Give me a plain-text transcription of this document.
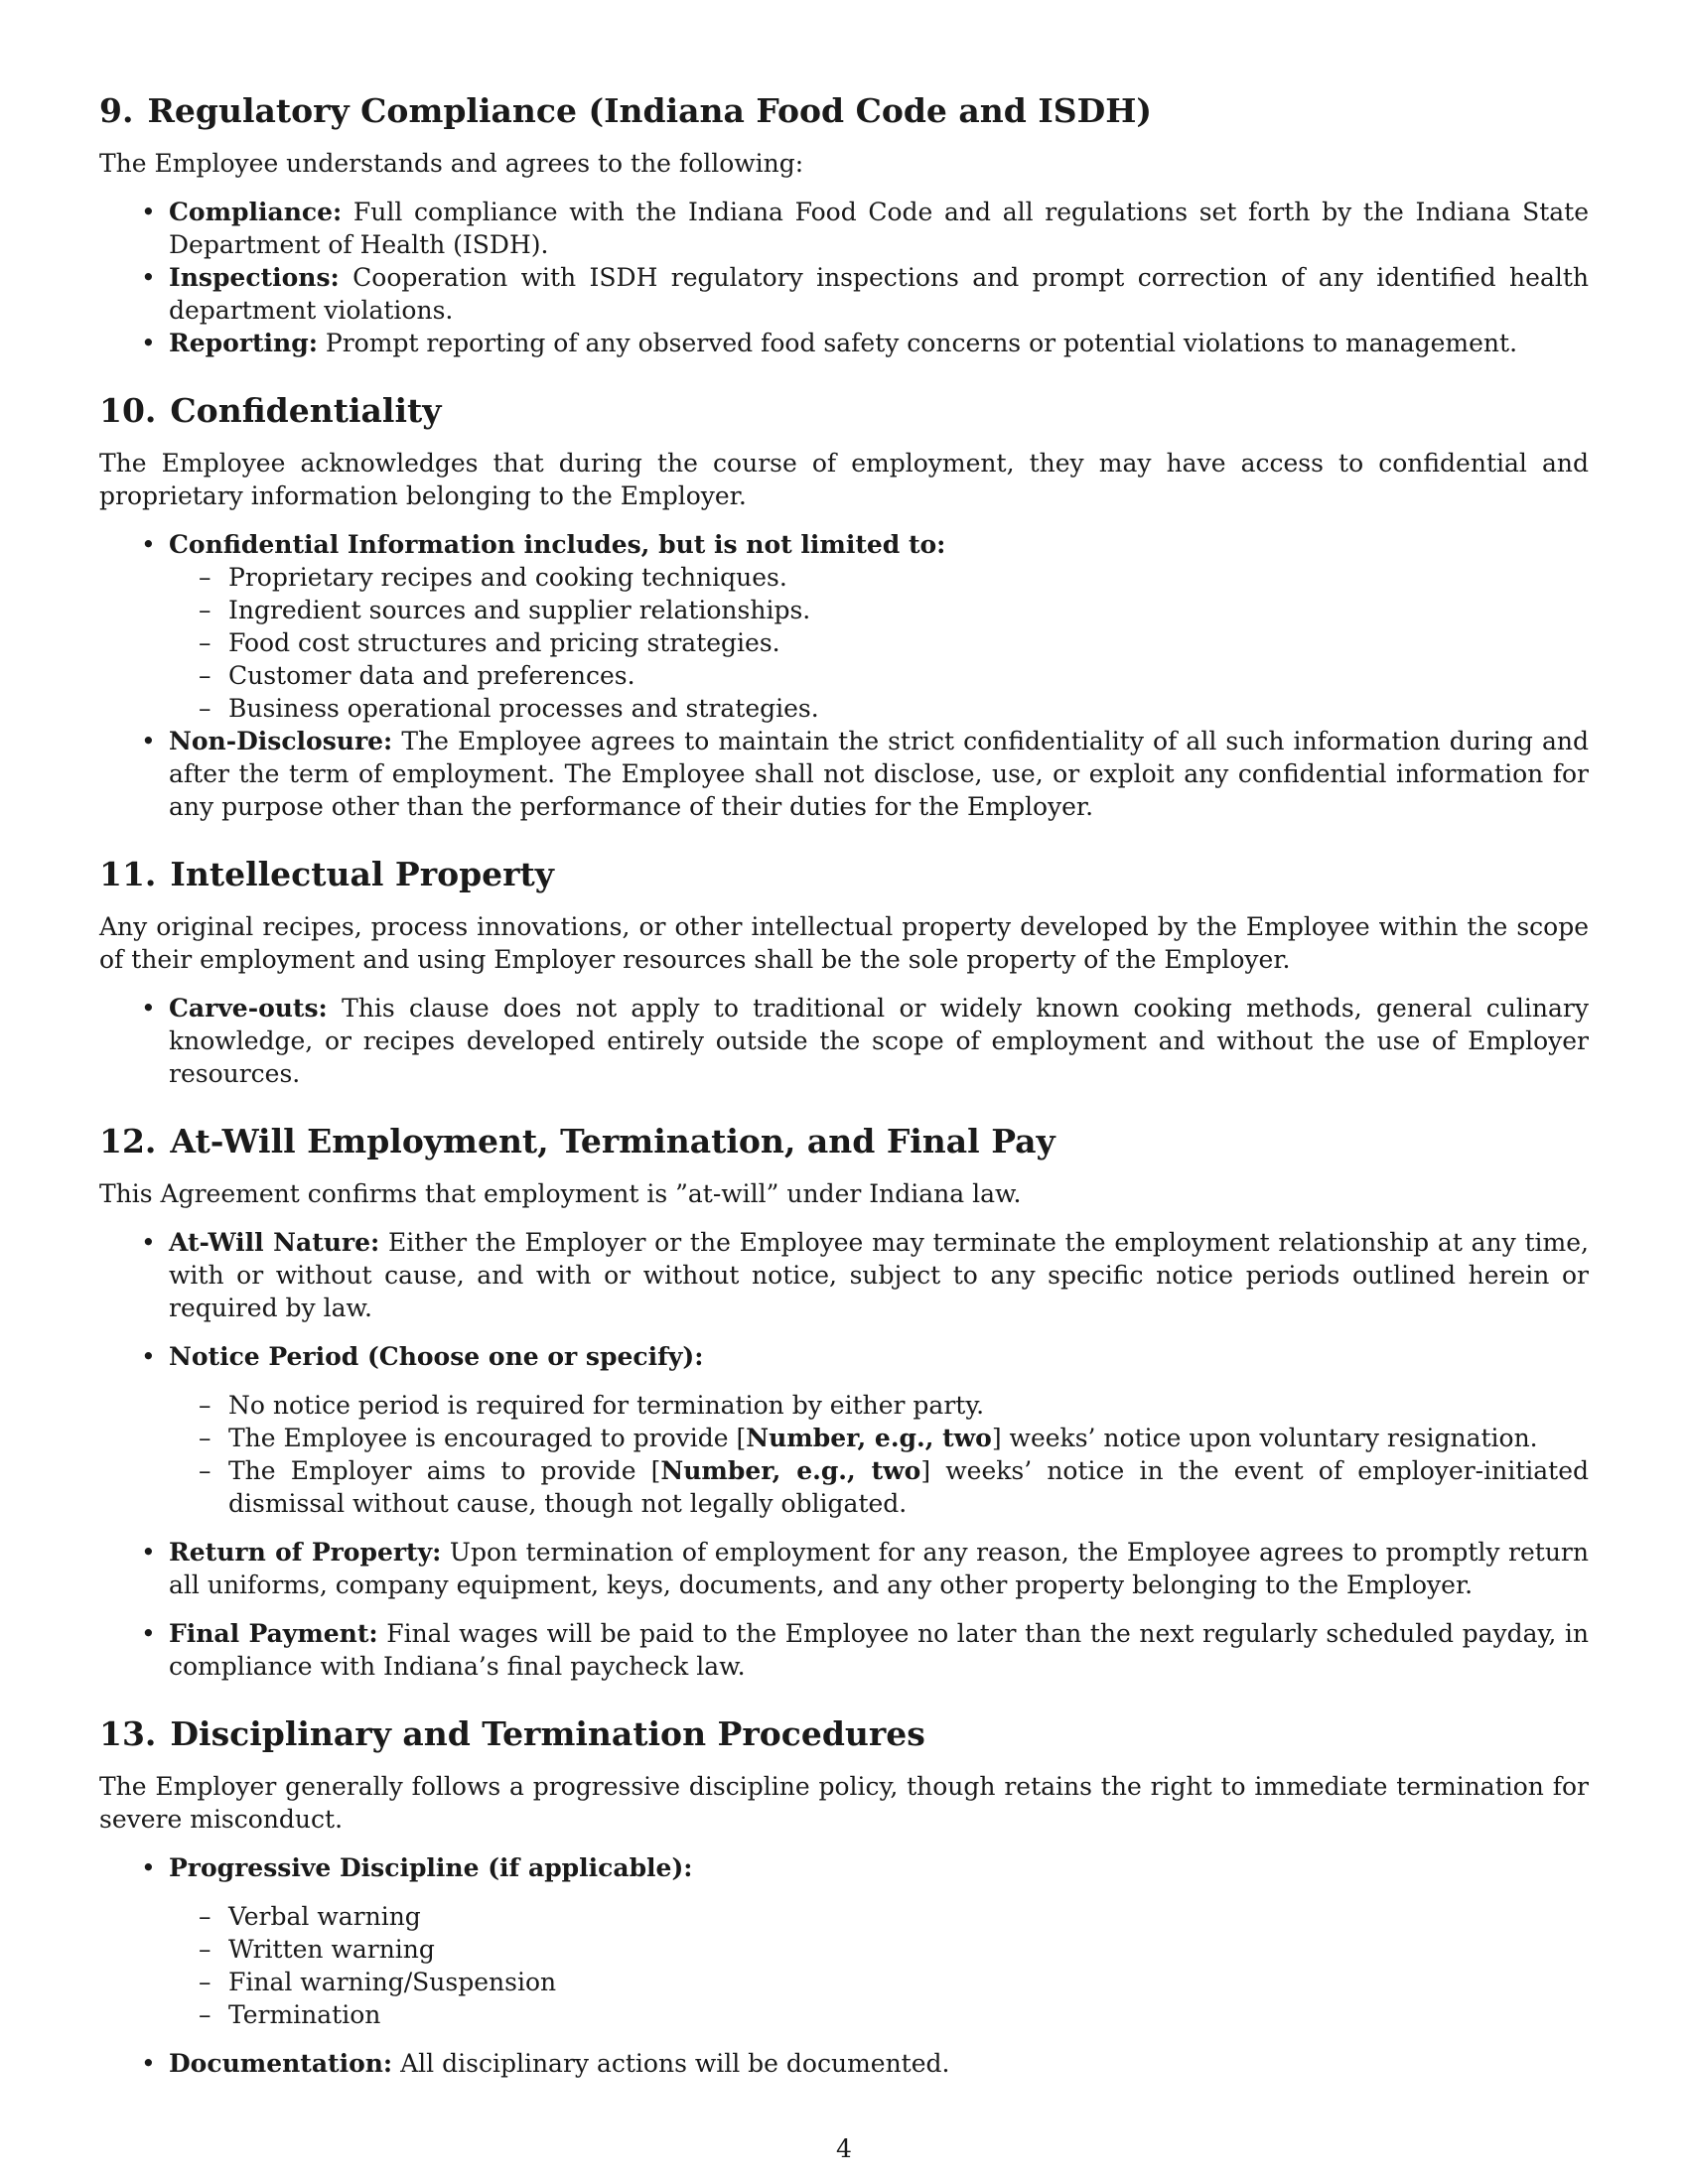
9. Regulatory Compliance (Indiana Food Code and ISDH)

The Employee understands and agrees to the following:

• Compliance: Full compliance with the Indiana Food Code and all regulations set forth by the Indiana State Department of Health (ISDH).
• Inspections: Cooperation with ISDH regulatory inspections and prompt correction of any identified health department violations.
• Reporting: Prompt reporting of any observed food safety concerns or potential violations to management.
10. Confidentiality

The Employee acknowledges that during the course of employment, they may have access to confidential and proprietary information belonging to the Employer.

• Confidential Information includes, but is not limited to:
– Proprietary recipes and cooking techniques.
– Ingredient sources and supplier relationships.
– Food cost structures and pricing strategies.
– Customer data and preferences.
– Business operational processes and strategies.
• Non-Disclosure: The Employee agrees to maintain the strict confidentiality of all such information during and after the term of employment. The Employee shall not disclose, use, or exploit any confidential information for any purpose other than the performance of their duties for the Employer.
11. Intellectual Property

Any original recipes, process innovations, or other intellectual property developed by the Employee within the scope of their employment and using Employer resources shall be the sole property of the Employer.

• Carve-outs: This clause does not apply to traditional or widely known cooking methods, general culinary knowledge, or recipes developed entirely outside the scope of employment and without the use of Employer resources.
12. At-Will Employment, Termination, and Final Pay

This Agreement confirms that employment is ”at-will” under Indiana law.

• At-Will Nature: Either the Employer or the Employee may terminate the employment relationship at any time, with or without cause, and with or without notice, subject to any specific notice periods outlined herein or required by law.
• Notice Period (Choose one or specify):
– No notice period is required for termination by either party.
– The Employee is encouraged to provide [Number, e.g., two] weeks’ notice upon voluntary resignation.
– The Employer aims to provide [Number, e.g., two] weeks’ notice in the event of employer-initiated dismissal without cause, though not legally obligated.
• Return of Property: Upon termination of employment for any reason, the Employee agrees to promptly return all uniforms, company equipment, keys, documents, and any other property belonging to the Employer.
• Final Payment: Final wages will be paid to the Employee no later than the next regularly scheduled payday, in compliance with Indiana’s final paycheck law.
13. Disciplinary and Termination Procedures

The Employer generally follows a progressive discipline policy, though retains the right to immediate termination for severe misconduct.

• Progressive Discipline (if applicable):
– Verbal warning
– Written warning
– Final warning/Suspension
– Termination
• Documentation: All disciplinary actions will be documented.
4
